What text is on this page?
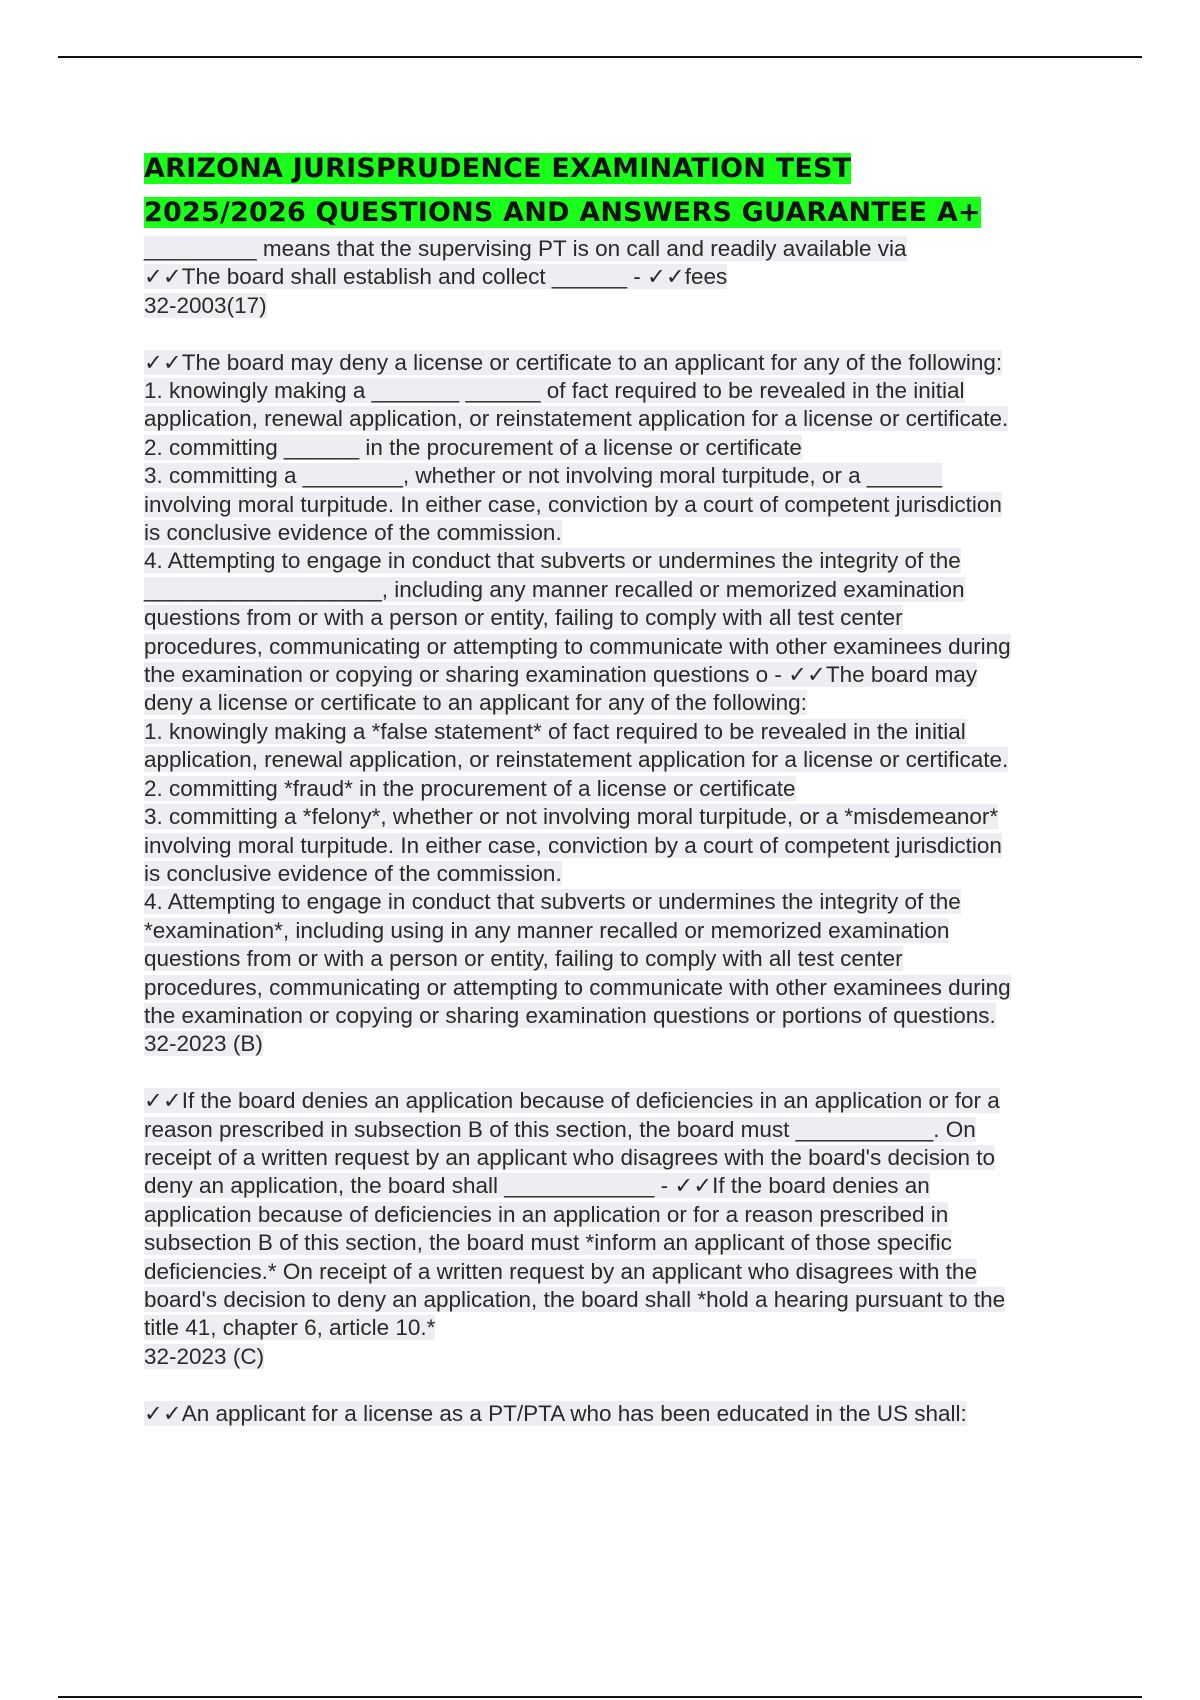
ARIZONA JURISPRUDENCE EXAMINATION TEST
2025/2026 QUESTIONS AND ANSWERS GUARANTEE A+
_________ means that the supervising PT is on call and readily available via
✓✓The board shall establish and collect ______ - ✓✓fees
32-2003(17)
✓✓The board may deny a license or certificate to an applicant for any of the following:
1. knowingly making a _______ ______ of fact required to be revealed in the initial
application, renewal application, or reinstatement application for a license or certificate.
2. committing ______ in the procurement of a license or certificate
3. committing a ________, whether or not involving moral turpitude, or a ______
involving moral turpitude. In either case, conviction by a court of competent jurisdiction
is conclusive evidence of the commission.
4. Attempting to engage in conduct that subverts or undermines the integrity of the
___________________, including any manner recalled or memorized examination
questions from or with a person or entity, failing to comply with all test center
procedures, communicating or attempting to communicate with other examinees during
the examination or copying or sharing examination questions o - ✓✓The board may
deny a license or certificate to an applicant for any of the following:
1. knowingly making a *false statement* of fact required to be revealed in the initial
application, renewal application, or reinstatement application for a license or certificate.
2. committing *fraud* in the procurement of a license or certificate
3. committing a *felony*, whether or not involving moral turpitude, or a *misdemeanor*
involving moral turpitude. In either case, conviction by a court of competent jurisdiction
is conclusive evidence of the commission.
4. Attempting to engage in conduct that subverts or undermines the integrity of the
*examination*, including using in any manner recalled or memorized examination
questions from or with a person or entity, failing to comply with all test center
procedures, communicating or attempting to communicate with other examinees during
the examination or copying or sharing examination questions or portions of questions.
32-2023 (B)
✓✓If the board denies an application because of deficiencies in an application or for a
reason prescribed in subsection B of this section, the board must ___________. On
receipt of a written request by an applicant who disagrees with the board's decision to
deny an application, the board shall ____________ - ✓✓If the board denies an
application because of deficiencies in an application or for a reason prescribed in
subsection B of this section, the board must *inform an applicant of those specific
deficiencies.* On receipt of a written request by an applicant who disagrees with the
board's decision to deny an application, the board shall *hold a hearing pursuant to the
title 41, chapter 6, article 10.*
32-2023 (C)
✓✓An applicant for a license as a PT/PTA who has been educated in the US shall:
